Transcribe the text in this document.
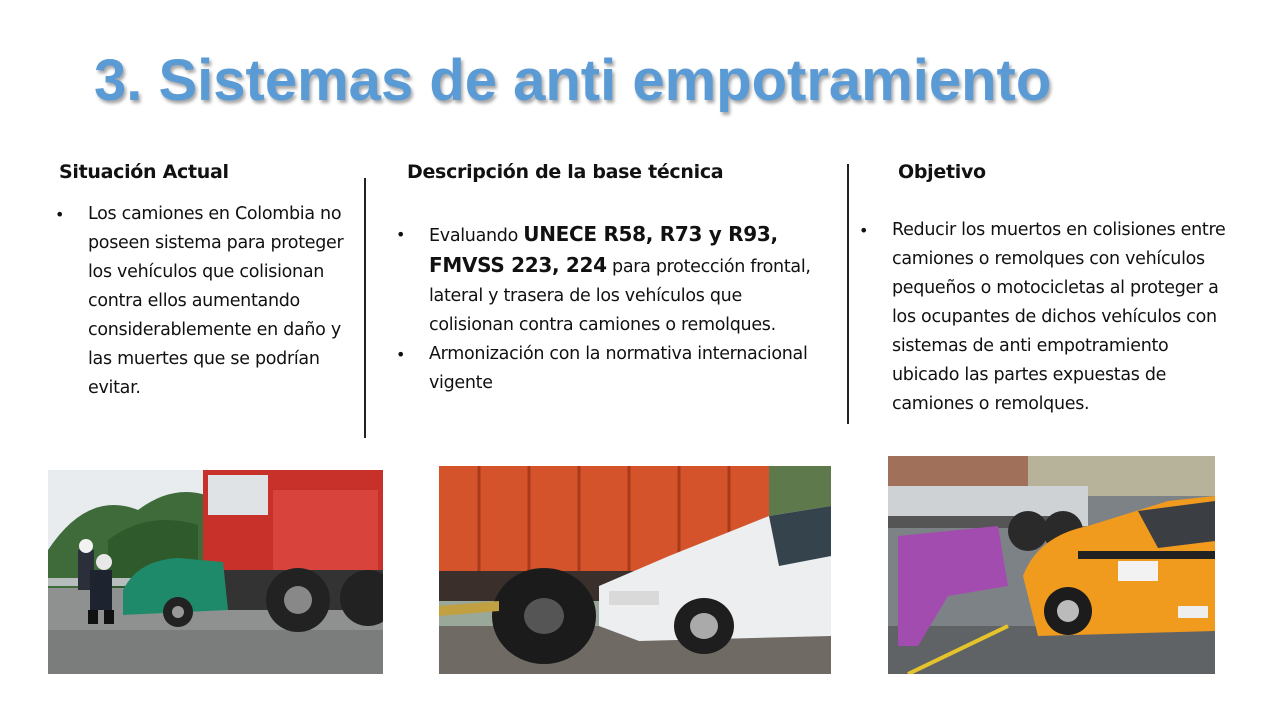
3. Sistemas de anti empotramiento

Situación Actual	Descripción de la base técnica	Objetivo

• Los camiones en Colombia no poseen sistema para proteger los vehículos que colisionan contra ellos aumentando considerablemente en daño y las muertes que se podrían evitar.
• Evaluando UNECE R58, R73 y R93, FMVSS 223, 224 para protección frontal, lateral y trasera de los vehículos que colisionan contra camiones o remolques.
• Armonización con la normativa internacional vigente
• Reducir los muertos en colisiones entre camiones o remolques con vehículos pequeños o motocicletas al proteger a los ocupantes de dichos vehículos con sistemas de anti empotramiento ubicado las partes expuestas de camiones o remolques.
